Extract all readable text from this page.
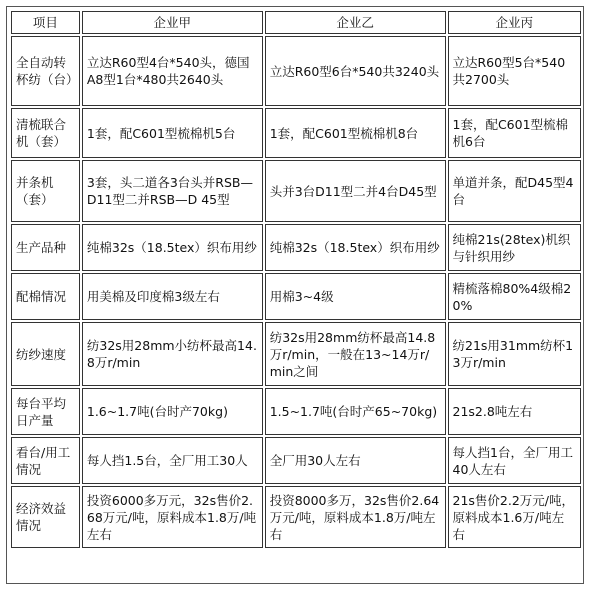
项目	企业甲	企业乙	企业丙
全自动转杯纺（台）	立达R60型4台*540头，德国A8型1台*480共2640头	立达R60型6台*540共3240头	立达R60型5台*540共2700头
清梳联合机（套）	1套，配C601型梳棉机5台	1套，配C601型梳棉机8台	1套，配C601型梳棉机6台
并条机（套）	3套，头二道各3台头并RSB—D11型二并RSB—D 45型	头并3台D11型二并4台D45型	单道并条，配D45型4台
生产品种	纯棉32s（18.5tex）织布用纱	纯棉32s（18.5tex）织布用纱	纯棉21s(28tex)机织与针织用纱
配棉情况	用美棉及印度棉3级左右	用棉3~4级	精梳落棉80%4级棉20%
纺纱速度	纺32s用28mm小纺杯最高14.8万r/min	纺32s用28mm纺杯最高14.8万r/min，一般在13~14万r/min之间	纺21s用31mm纺杯13万r/min
每台平均日产量	1.6~1.7吨(台时产70kg)	1.5~1.7吨(台时产65~70kg)	21s2.8吨左右
看台/用工情况	每人挡1.5台，全厂用工30人	全厂用30人左右	每人挡1台，全厂用工40人左右
经济效益情况	投资6000多万元，32s售价2.68万元/吨，原料成本1.8万/吨左右	投资8000多万，32s售价2.64万元/吨，原料成本1.8万/吨左右	21s售价2.2万元/吨，原料成本1.6万/吨左右
